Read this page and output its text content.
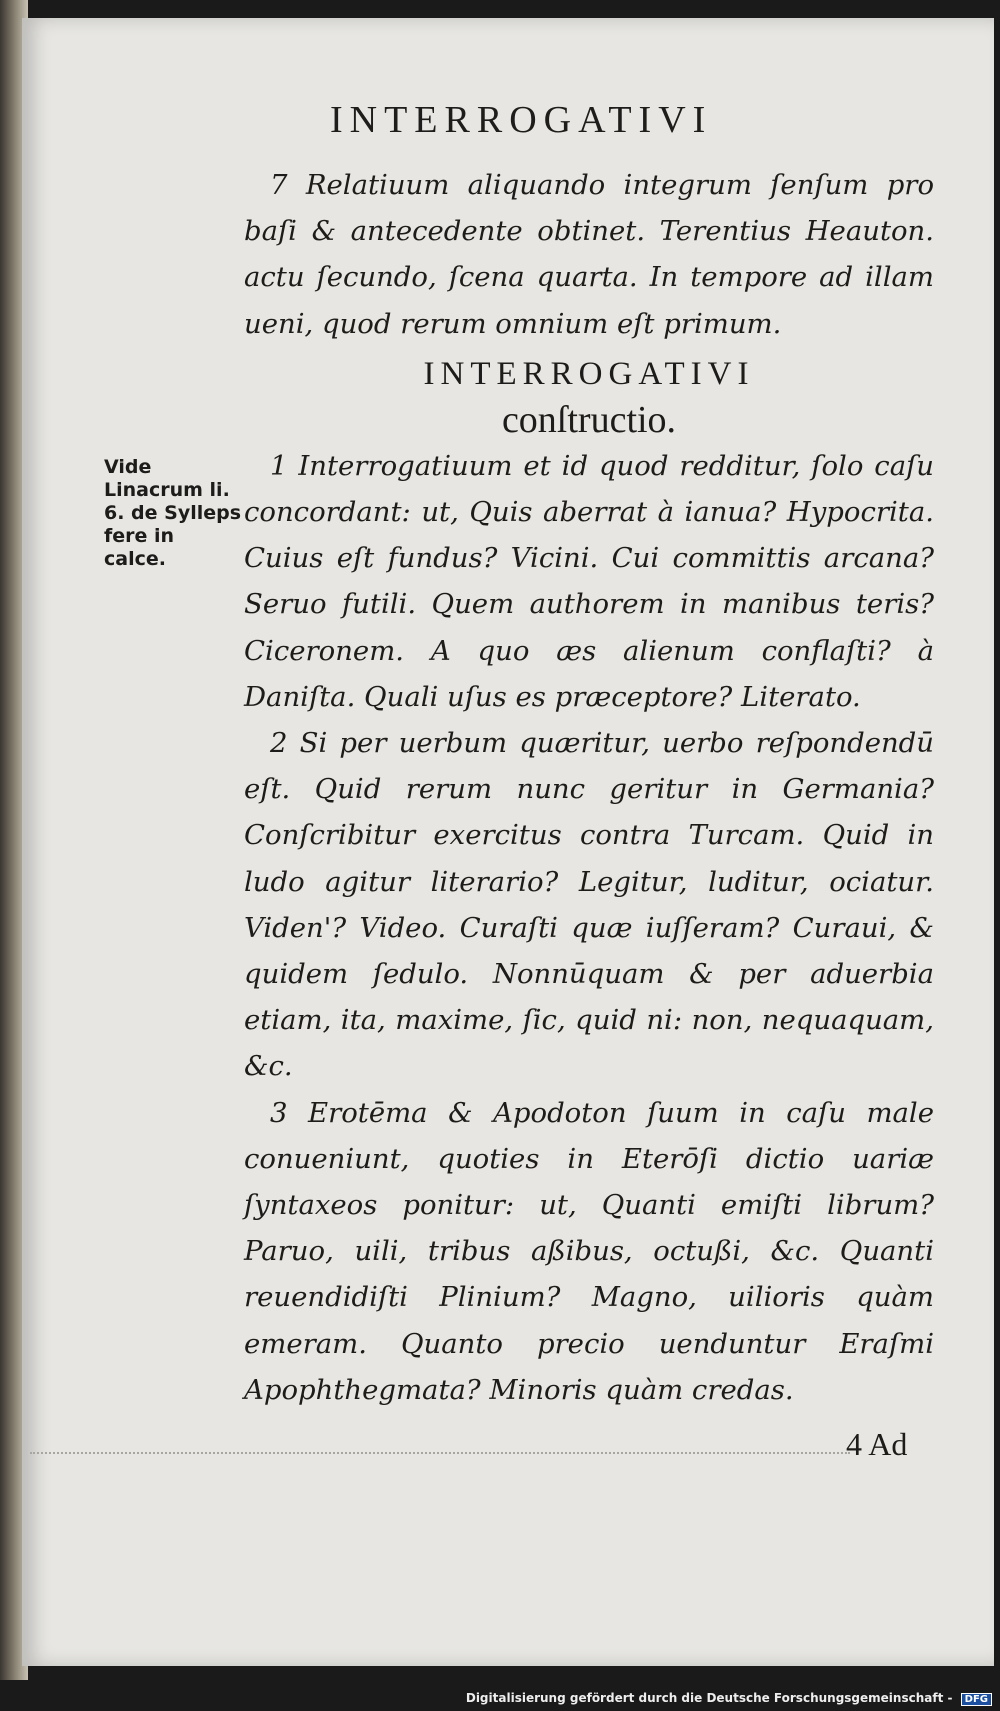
INTERROGATIVI
Vide Linacrum li. 6. de Sylleps fere in calce.

7 Relatiuum aliquando integrum ſenſum pro baſi & antecedente obtinet. Terentius Heauton. actu ſecundo, ſcena quarta. In tempore ad illam ueni, quod rerum omnium eſt primum.

INTERROGATIVI
conſtructio.

1 Interrogatiuum et id quod redditur, ſolo caſu concordant: ut, Quis aberrat à ianua? Hypocrita. Cuius eſt fundus? Vicini. Cui committis arcana? Seruo futili. Quem authorem in manibus teris? Ciceronem. A quo æs alienum conflaſti? à Daniſta. Quali uſus es præceptore? Literato.

2 Si per uerbum quæritur, uerbo reſpondendū eſt. Quid rerum nunc geritur in Germania? Conſcribitur exercitus contra Turcam. Quid in ludo agitur literario? Legitur, luditur, ociatur. Viden'? Video. Curaſti quæ iuſſeram? Curaui, & quidem ſedulo. Nonnūquam & per aduerbia etiam, ita, maxime, ſic, quid ni: non, nequaquam, &c.

3 Erotēma & Apodoton ſuum in caſu male conueniunt, quoties in Eterōſi dictio uariæ ſyntaxeos ponitur: ut, Quanti emiſti librum? Paruo, uili, tribus aßibus, octußi, &c. Quanti reuendidiſti Plinium? Magno, uilioris quàm emeram. Quanto precio uenduntur Eraſmi Apophthegmata? Minoris quàm credas.

4 Ad
Digitalisierung gefördert durch die Deutsche Forschungsgemeinschaft - DFG
